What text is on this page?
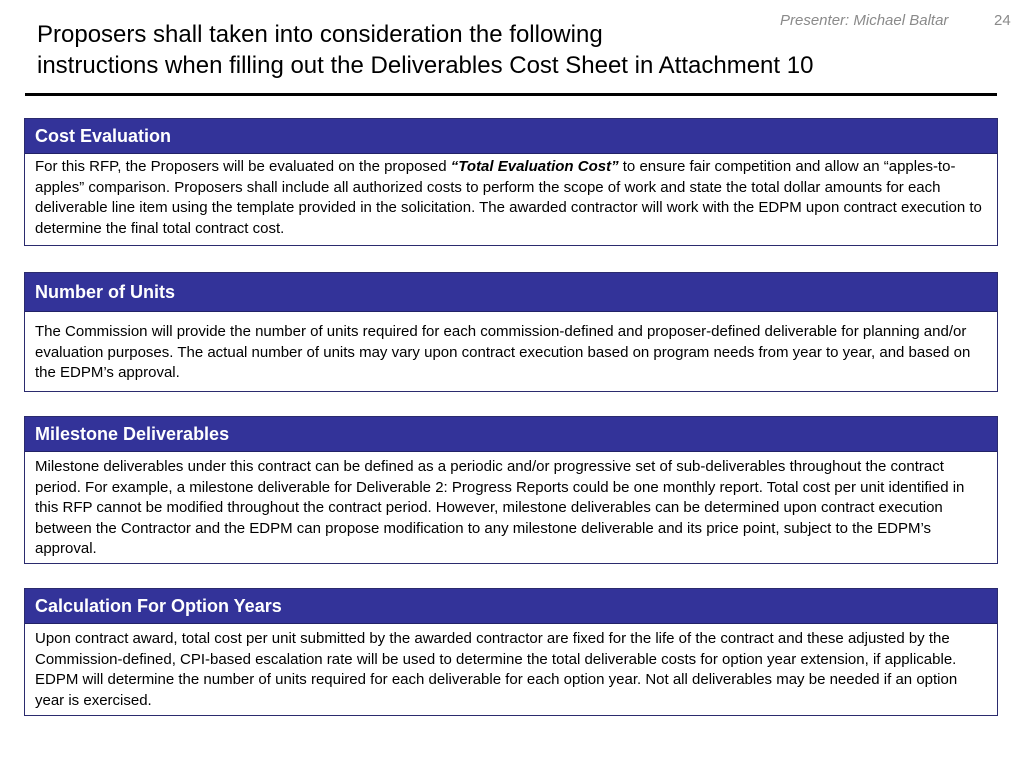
Presenter: Michael Baltar	24
Proposers shall taken into consideration the following
instructions when filling out the Deliverables Cost Sheet in Attachment 10
Cost Evaluation
For this RFP, the Proposers will be evaluated on the proposed “Total Evaluation Cost” to ensure fair competition and allow an “apples-to-apples” comparison. Proposers shall include all authorized costs to perform the scope of work and state the total dollar amounts for each deliverable line item using the template provided in the solicitation. The awarded contractor will work with the EDPM upon contract execution to determine the final total contract cost.
Number of Units
The Commission will provide the number of units required for each commission-defined and proposer-defined deliverable for planning and/or evaluation purposes. The actual number of units may vary upon contract execution based on program needs from year to year, and based on the EDPM’s approval.
Milestone Deliverables
Milestone deliverables under this contract can be defined as a periodic and/or progressive set of sub-deliverables throughout the contract period. For example, a milestone deliverable for Deliverable 2: Progress Reports could be one monthly report. Total cost per unit identified in this RFP cannot be modified throughout the contract period. However, milestone deliverables can be determined upon contract execution between the Contractor and the EDPM can propose modification to any milestone deliverable and its price point, subject to the EDPM’s approval.
Calculation For Option Years
Upon contract award, total cost per unit submitted by the awarded contractor are fixed for the life of the contract and these adjusted by the Commission-defined, CPI-based escalation rate will be used to determine the total deliverable costs for option year extension, if applicable. EDPM will determine the number of units required for each deliverable for each option year. Not all deliverables may be needed if an option year is exercised.
